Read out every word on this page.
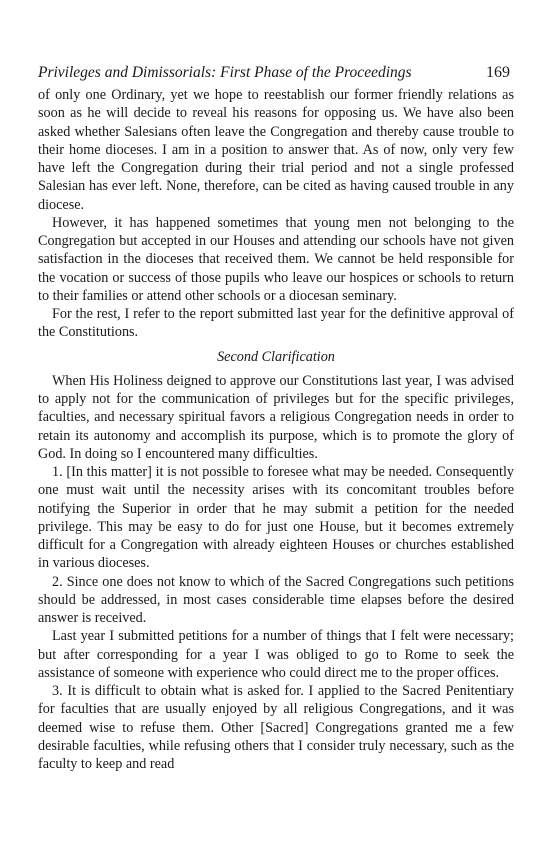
Privileges and Dimissorials: First Phase of the Proceedings	169

of only one Ordinary, yet we hope to reestablish our former friendly relations as soon as he will decide to reveal his reasons for opposing us. We have also been asked whether Salesians often leave the Congregation and thereby cause trouble to their home dioceses. I am in a position to answer that. As of now, only very few have left the Congregation during their trial period and not a single professed Salesian has ever left. None, therefore, can be cited as having caused trouble in any diocese.

However, it has happened sometimes that young men not belonging to the Congregation but accepted in our Houses and attending our schools have not given satisfaction in the dioceses that received them. We cannot be held responsible for the vocation or success of those pupils who leave our hospices or schools to return to their families or attend other schools or a diocesan seminary.

For the rest, I refer to the report submitted last year for the definitive approval of the Constitutions.

Second Clarification

When His Holiness deigned to approve our Constitutions last year, I was advised to apply not for the communication of privileges but for the specific privileges, faculties, and necessary spiritual favors a religious Congregation needs in order to retain its autonomy and accomplish its purpose, which is to promote the glory of God. In doing so I encountered many difficulties.

1. [In this matter] it is not possible to foresee what may be needed. Consequently one must wait until the necessity arises with its concomitant troubles before notifying the Superior in order that he may submit a petition for the needed privilege. This may be easy to do for just one House, but it becomes extremely difficult for a Congregation with already eighteen Houses or churches established in various dioceses.

2. Since one does not know to which of the Sacred Congregations such petitions should be addressed, in most cases considerable time elapses before the desired answer is received.

Last year I submitted petitions for a number of things that I felt were necessary; but after corresponding for a year I was obliged to go to Rome to seek the assistance of someone with experience who could direct me to the proper offices.

3. It is difficult to obtain what is asked for. I applied to the Sacred Penitentiary for faculties that are usually enjoyed by all religious Congregations, and it was deemed wise to refuse them. Other [Sacred] Congregations granted me a few desirable faculties, while refusing others that I consider truly necessary, such as the faculty to keep and read
